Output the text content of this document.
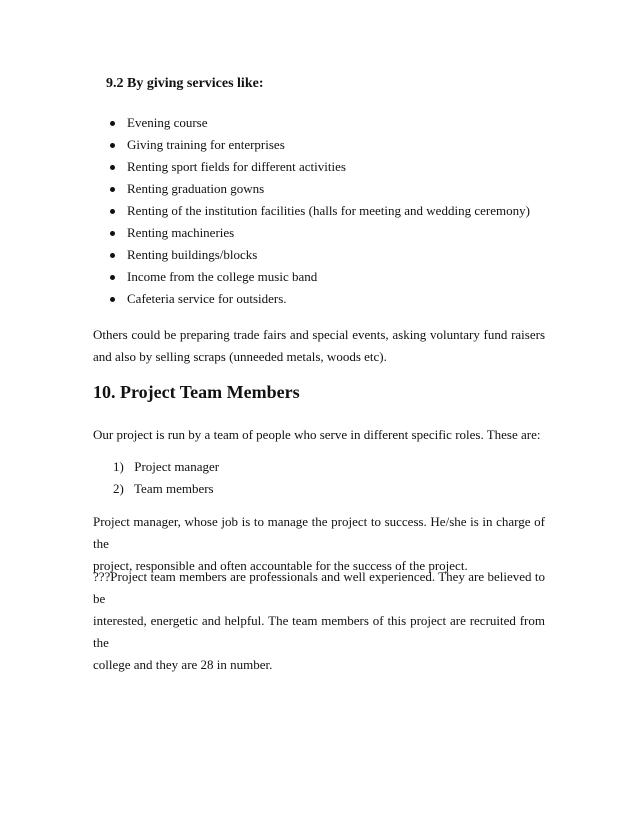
9.2 By giving services like:
Evening course
Giving training for enterprises
Renting sport fields for different activities
Renting graduation gowns
Renting of the institution facilities (halls for meeting and wedding ceremony)
Renting machineries
Renting buildings/blocks
Income from the college music band
Cafeteria service for outsiders.

Others could be preparing trade fairs and special events, asking voluntary fund raisers
and also by selling scraps (unneeded metals, woods etc).

10. Project Team Members

Our project is run by a team of people who serve in different specific roles. These are:

1) Project manager
2) Team members

Project manager, whose job is to manage the project to success. He/she is in charge of the
project, responsible and often accountable for the success of the project.

???Project team members are professionals and well experienced. They are believed to be
interested, energetic and helpful. The team members of this project are recruited from the
college and they are 28 in number.
